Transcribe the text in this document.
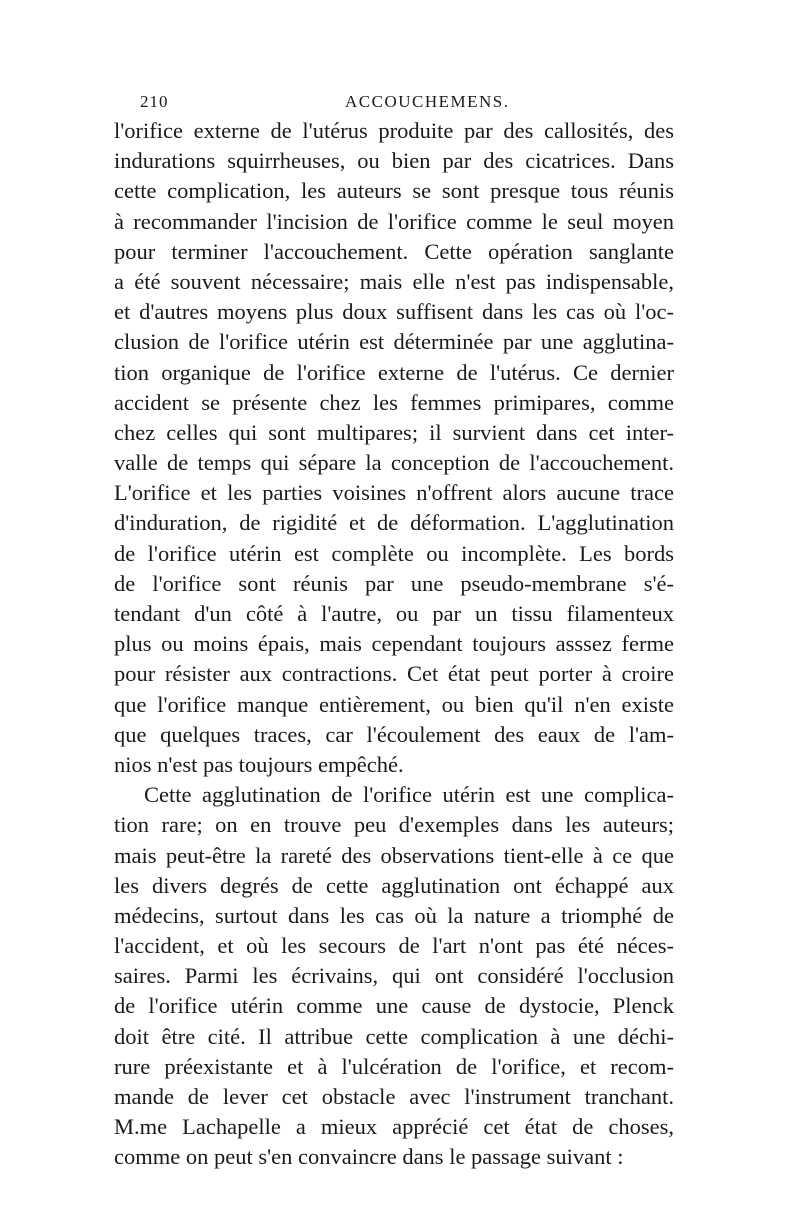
210	ACCOUCHEMENS.
l'orifice externe de l'utérus produite par des callosités, des
indurations squirrheuses, ou bien par des cicatrices. Dans
cette complication, les auteurs se sont presque tous réunis
à recommander l'incision de l'orifice comme le seul moyen
pour terminer l'accouchement. Cette opération sanglante
a été souvent nécessaire; mais elle n'est pas indispensable,
et d'autres moyens plus doux suffisent dans les cas où l'oc-
clusion de l'orifice utérin est déterminée par une agglutina-
tion organique de l'orifice externe de l'utérus. Ce dernier
accident se présente chez les femmes primipares, comme
chez celles qui sont multipares; il survient dans cet inter-
valle de temps qui sépare la conception de l'accouchement.
L'orifice et les parties voisines n'offrent alors aucune trace
d'induration, de rigidité et de déformation. L'agglutination
de l'orifice utérin est complète ou incomplète. Les bords
de l'orifice sont réunis par une pseudo-membrane s'é-
tendant d'un côté à l'autre, ou par un tissu filamenteux
plus ou moins épais, mais cependant toujours asssez ferme
pour résister aux contractions. Cet état peut porter à croire
que l'orifice manque entièrement, ou bien qu'il n'en existe
que quelques traces, car l'écoulement des eaux de l'am-
nios n'est pas toujours empêché.
Cette agglutination de l'orifice utérin est une complica-
tion rare; on en trouve peu d'exemples dans les auteurs;
mais peut-être la rareté des observations tient-elle à ce que
les divers degrés de cette agglutination ont échappé aux
médecins, surtout dans les cas où la nature a triomphé de
l'accident, et où les secours de l'art n'ont pas été néces-
saires. Parmi les écrivains, qui ont considéré l'occlusion
de l'orifice utérin comme une cause de dystocie, Plenck
doit être cité. Il attribue cette complication à une déchi-
rure préexistante et à l'ulcération de l'orifice, et recom-
mande de lever cet obstacle avec l'instrument tranchant.
M.me Lachapelle a mieux apprécié cet état de choses,
comme on peut s'en convaincre dans le passage suivant :
